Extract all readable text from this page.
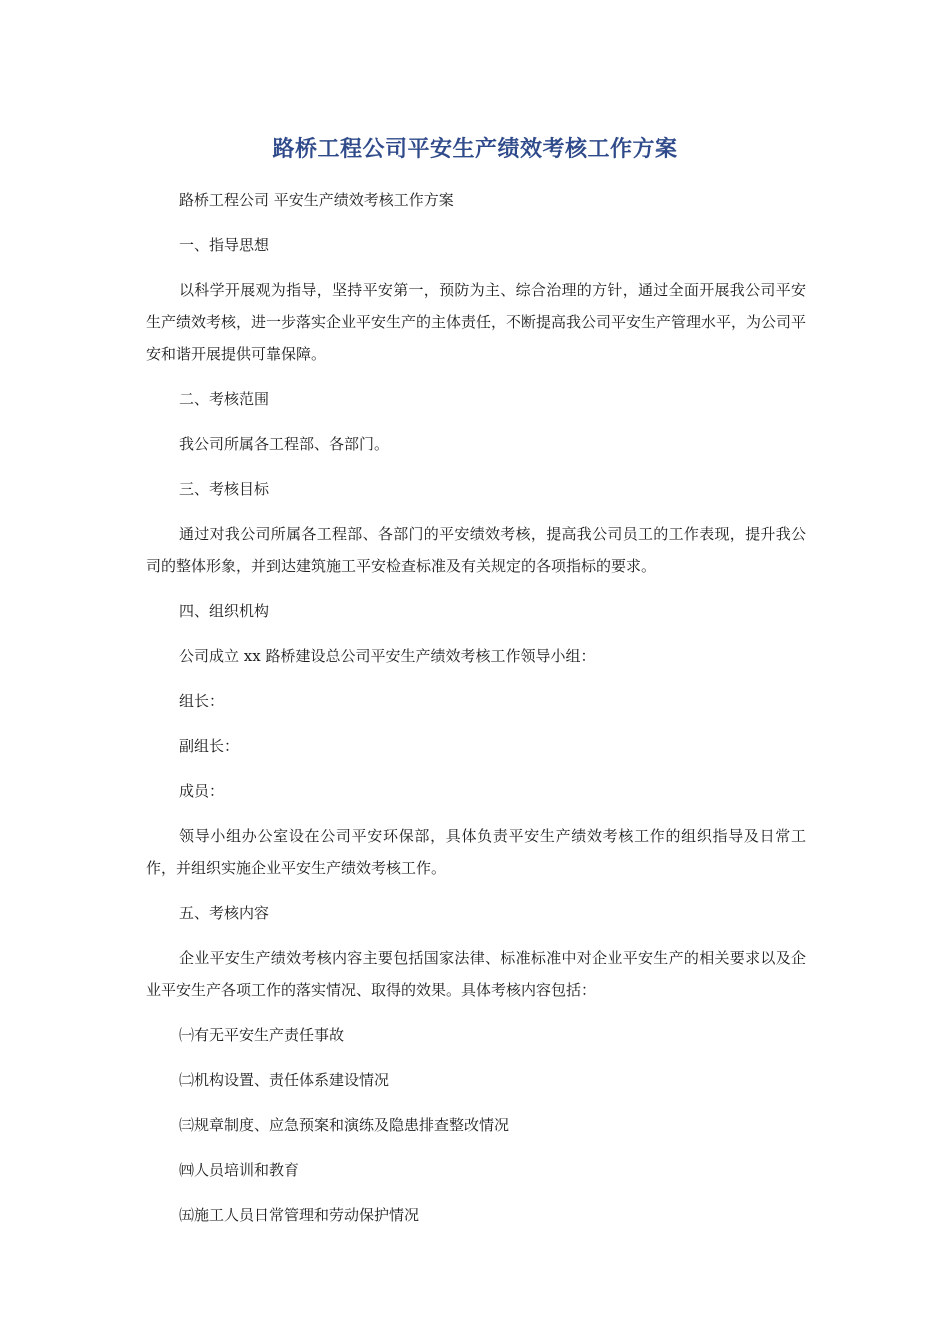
路桥工程公司平安生产绩效考核工作方案

路桥工程公司 平安生产绩效考核工作方案

一、指导思想

以科学开展观为指导，坚持平安第一，预防为主、综合治理的方针，通过全面开展我公司平安生产绩效考核，进一步落实企业平安生产的主体责任，不断提高我公司平安生产管理水平，为公司平安和谐开展提供可靠保障。

二、考核范围

我公司所属各工程部、各部门。

三、考核目标

通过对我公司所属各工程部、各部门的平安绩效考核，提高我公司员工的工作表现，提升我公司的整体形象，并到达建筑施工平安检查标准及有关规定的各项指标的要求。

四、组织机构

公司成立 xx 路桥建设总公司平安生产绩效考核工作领导小组：

组长：

副组长：

成员：

领导小组办公室设在公司平安环保部，具体负责平安生产绩效考核工作的组织指导及日常工作，并组织实施企业平安生产绩效考核工作。

五、考核内容

企业平安生产绩效考核内容主要包括国家法律、标准标准中对企业平安生产的相关要求以及企业平安生产各项工作的落实情况、取得的效果。具体考核内容包括：

㈠有无平安生产责任事故

㈡机构设置、责任体系建设情况

㈢规章制度、应急预案和演练及隐患排查整改情况

㈣人员培训和教育

㈤施工人员日常管理和劳动保护情况
